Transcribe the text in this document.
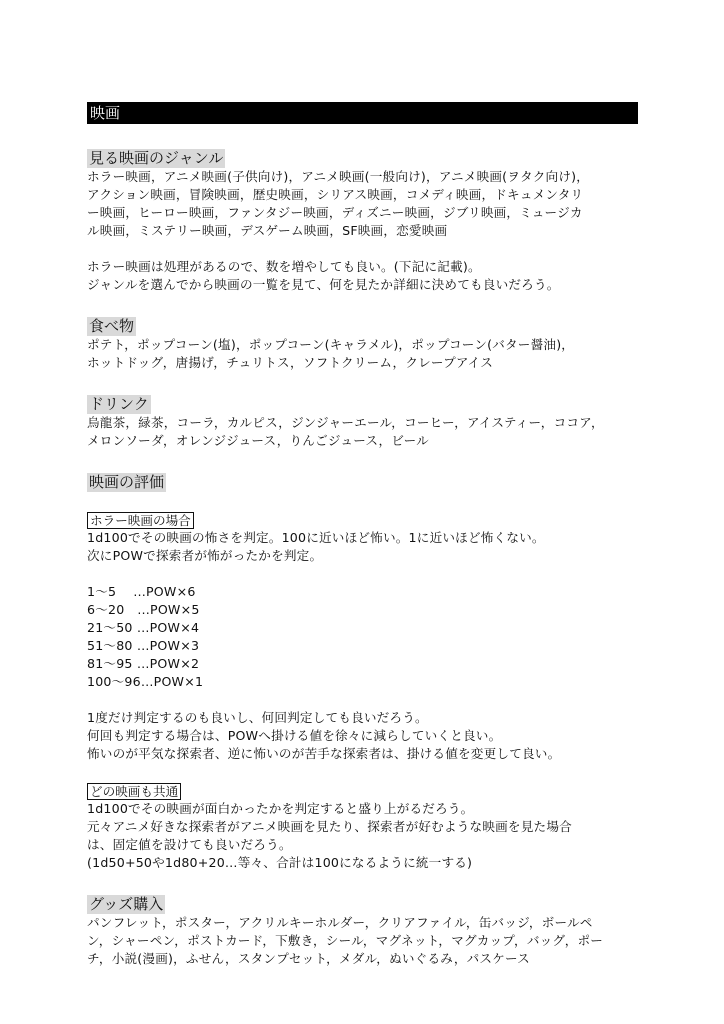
映画
見る映画のジャンル
ホラー映画，アニメ映画(子供向け)，アニメ映画(一般向け)，アニメ映画(ヲタク向け)，
アクション映画，冒険映画，歴史映画，シリアス映画，コメディ映画，ドキュメンタリ
ー映画，ヒーロー映画，ファンタジー映画，ディズニー映画，ジブリ映画，ミュージカ
ル映画，ミステリー映画，デスゲーム映画，SF映画，恋愛映画
ホラー映画は処理があるので、数を増やしても良い。(下記に記載)。
ジャンルを選んでから映画の一覧を見て、何を見たか詳細に決めても良いだろう。
食べ物
ポテト，ポップコーン(塩)，ポップコーン(キャラメル)，ポップコーン(バター醤油)，
ホットドッグ，唐揚げ，チュリトス，ソフトクリーム，クレープアイス
ドリンク
烏龍茶，緑茶，コーラ，カルピス，ジンジャーエール，コーヒー，アイスティー，ココア，
メロンソーダ，オレンジジュース，りんごジュース，ビール
映画の評価
ホラー映画の場合
1d100でその映画の怖さを判定。100に近いほど怖い。1に近いほど怖くない。
次にPOWで探索者が怖がったかを判定。
1～5　 …POW×6
6～20　…POW×5
21～50 …POW×4
51～80 …POW×3
81～95 …POW×2
100～96…POW×1
1度だけ判定するのも良いし、何回判定しても良いだろう。
何回も判定する場合は、POWへ掛ける値を徐々に減らしていくと良い。
怖いのが平気な探索者、逆に怖いのが苦手な探索者は、掛ける値を変更して良い。
どの映画も共通
1d100でその映画が面白かったかを判定すると盛り上がるだろう。
元々アニメ好きな探索者がアニメ映画を見たり、探索者が好むような映画を見た場合
は、固定値を設けても良いだろう。
(1d50+50や1d80+20…等々、合計は100になるように統一する)
グッズ購入
パンフレット，ポスター，アクリルキーホルダー，クリアファイル，缶バッジ，ボールペ
ン，シャーペン，ポストカード，下敷き，シール，マグネット，マグカップ，バッグ，ポー
チ，小説(漫画)，ふせん，スタンプセット，メダル，ぬいぐるみ，パスケース
